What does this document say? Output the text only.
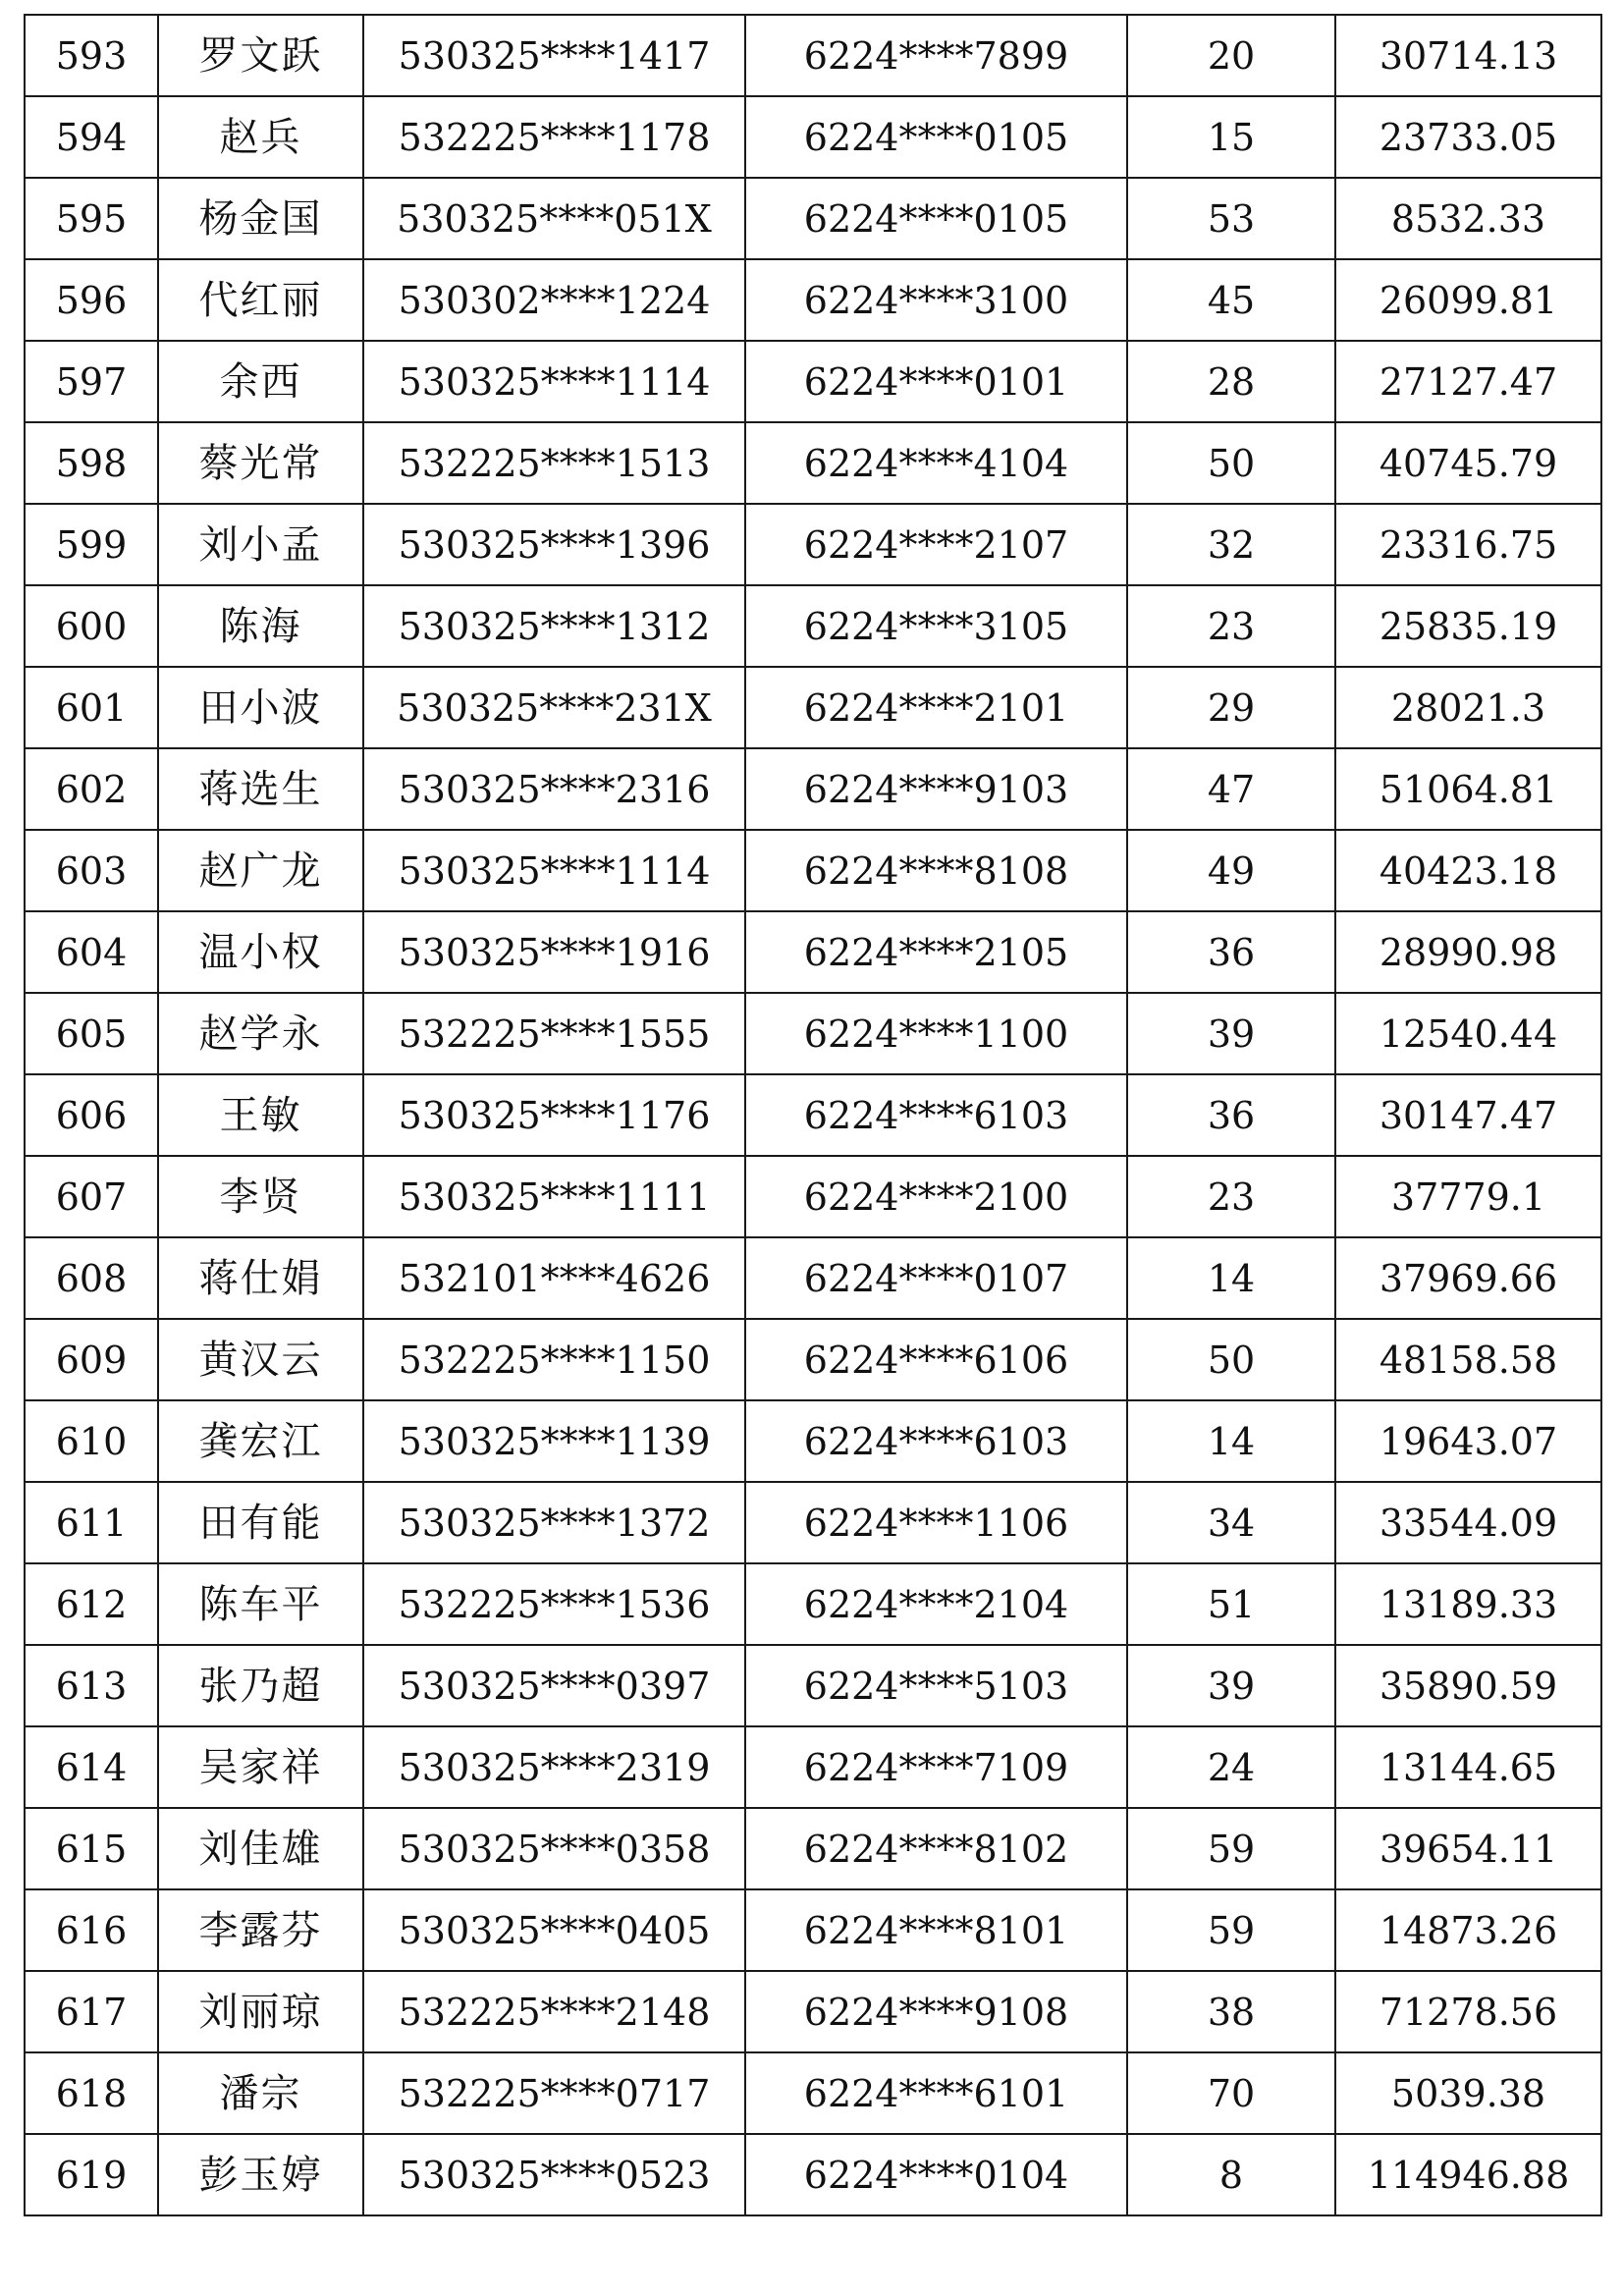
593	罗文跃	530325****1417	6224****7899	20	30714.13
594	赵兵	532225****1178	6224****0105	15	23733.05
595	杨金国	530325****051X	6224****0105	53	8532.33
596	代红丽	530302****1224	6224****3100	45	26099.81
597	余西	530325****1114	6224****0101	28	27127.47
598	蔡光常	532225****1513	6224****4104	50	40745.79
599	刘小孟	530325****1396	6224****2107	32	23316.75
600	陈海	530325****1312	6224****3105	23	25835.19
601	田小波	530325****231X	6224****2101	29	28021.3
602	蒋选生	530325****2316	6224****9103	47	51064.81
603	赵广龙	530325****1114	6224****8108	49	40423.18
604	温小权	530325****1916	6224****2105	36	28990.98
605	赵学永	532225****1555	6224****1100	39	12540.44
606	王敏	530325****1176	6224****6103	36	30147.47
607	李贤	530325****1111	6224****2100	23	37779.1
608	蒋仕娟	532101****4626	6224****0107	14	37969.66
609	黄汉云	532225****1150	6224****6106	50	48158.58
610	龚宏江	530325****1139	6224****6103	14	19643.07
611	田有能	530325****1372	6224****1106	34	33544.09
612	陈车平	532225****1536	6224****2104	51	13189.33
613	张乃超	530325****0397	6224****5103	39	35890.59
614	吴家祥	530325****2319	6224****7109	24	13144.65
615	刘佳雄	530325****0358	6224****8102	59	39654.11
616	李露芬	530325****0405	6224****8101	59	14873.26
617	刘丽琼	532225****2148	6224****9108	38	71278.56
618	潘宗	532225****0717	6224****6101	70	5039.38
619	彭玉婷	530325****0523	6224****0104	8	114946.88
